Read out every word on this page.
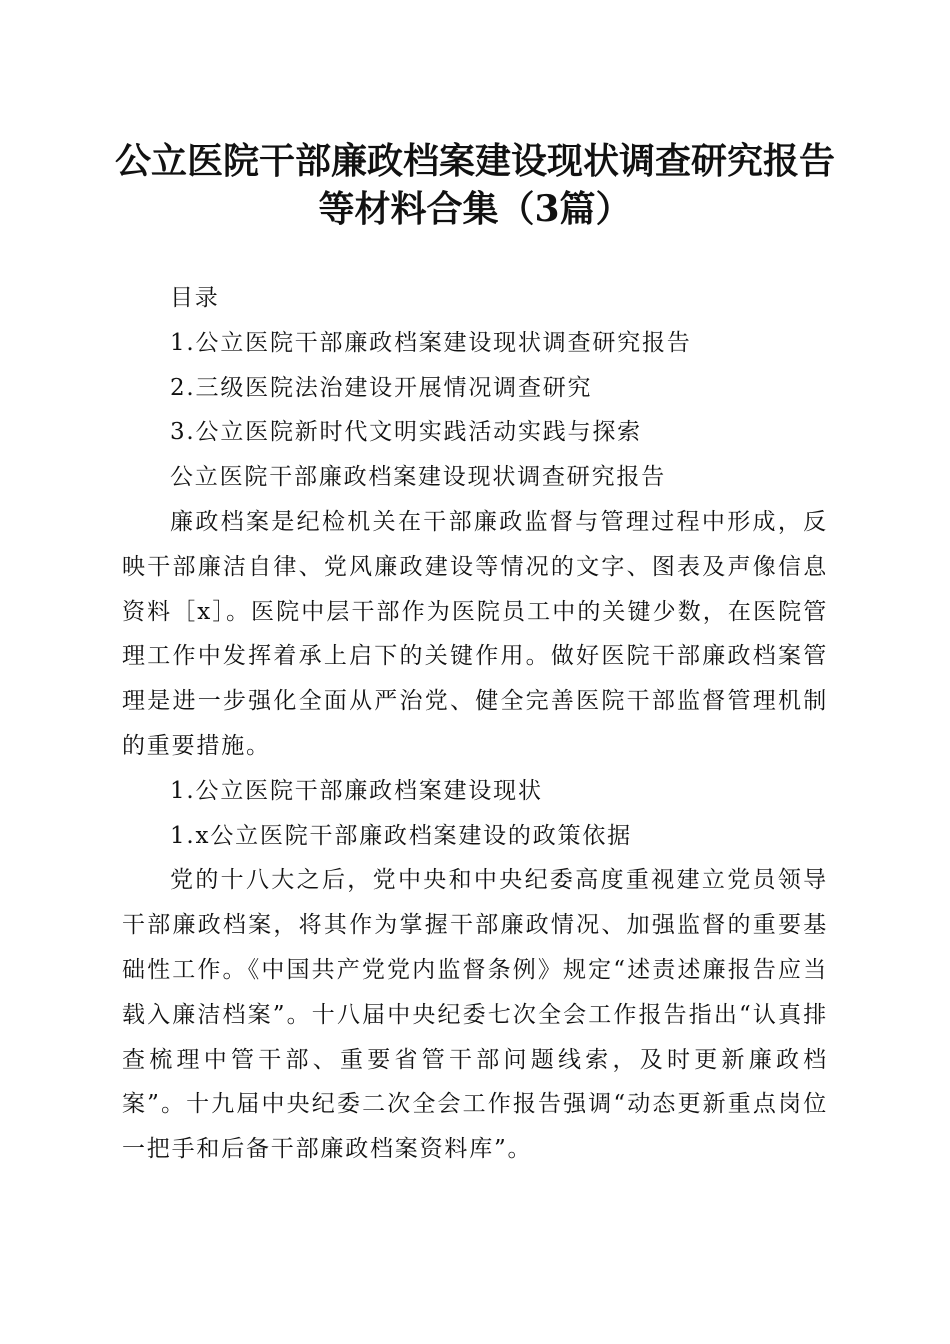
公立医院干部廉政档案建设现状调查研究报告
等材料合集（3篇）

目录

1.公立医院干部廉政档案建设现状调查研究报告

2.三级医院法治建设开展情况调查研究

3.公立医院新时代文明实践活动实践与探索

公立医院干部廉政档案建设现状调查研究报告

廉政档案是纪检机关在干部廉政监督与管理过程中形成，反映干部廉洁自律、党风廉政建设等情况的文字、图表及声像信息资料［x］。医院中层干部作为医院员工中的关键少数，在医院管理工作中发挥着承上启下的关键作用。做好医院干部廉政档案管理是进一步强化全面从严治党、健全完善医院干部监督管理机制的重要措施。

1.公立医院干部廉政档案建设现状

1.x公立医院干部廉政档案建设的政策依据

党的十八大之后，党中央和中央纪委高度重视建立党员领导干部廉政档案，将其作为掌握干部廉政情况、加强监督的重要基础性工作。《中国共产党党内监督条例》规定“述责述廉报告应当载入廉洁档案”。十八届中央纪委七次全会工作报告指出“认真排查梳理中管干部、重要省管干部问题线索，及时更新廉政档案”。十九届中央纪委二次全会工作报告强调“动态更新重点岗位一把手和后备干部廉政档案资料库”。
